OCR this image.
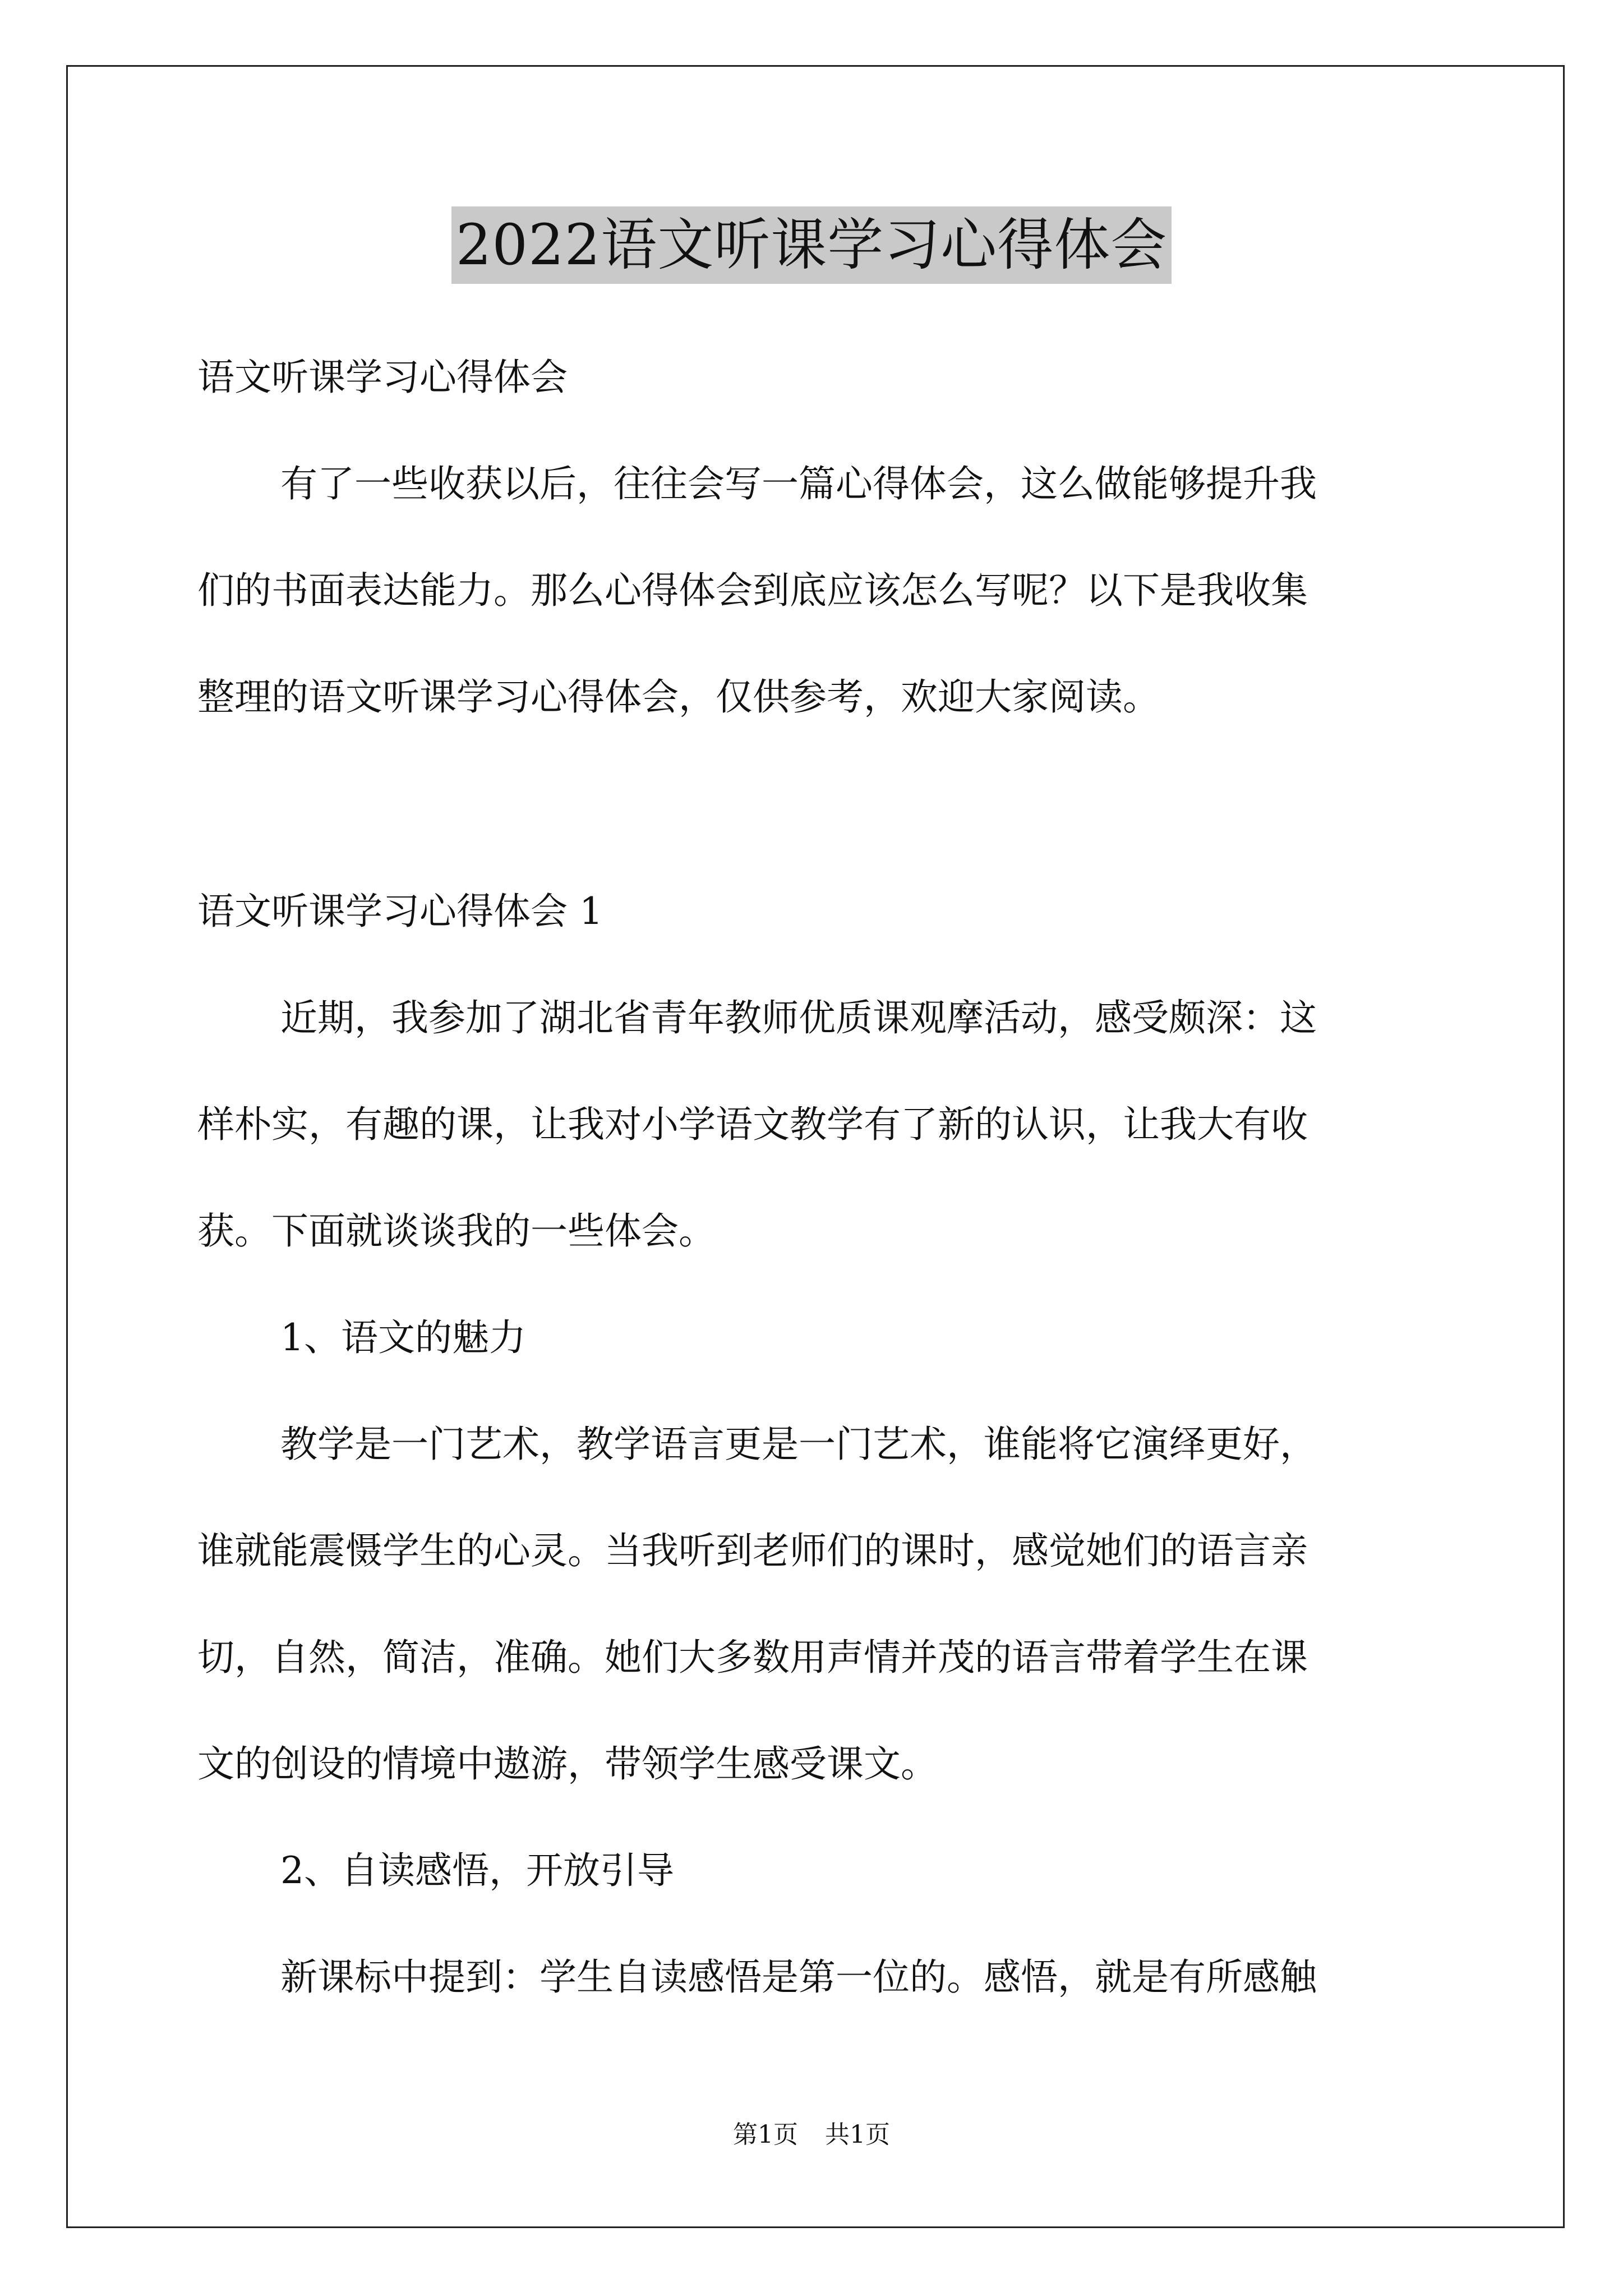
2022语文听课学习心得体会
语文听课学习心得体会
有了一些收获以后，往往会写一篇心得体会，这么做能够提升我
们的书面表达能力。那么心得体会到底应该怎么写呢？以下是我收集
整理的语文听课学习心得体会，仅供参考，欢迎大家阅读。
语文听课学习心得体会 1
近期，我参加了湖北省青年教师优质课观摩活动，感受颇深：这
样朴实，有趣的课，让我对小学语文教学有了新的认识，让我大有收
获。下面就谈谈我的一些体会。
1、语文的魅力
教学是一门艺术，教学语言更是一门艺术，谁能将它演绎更好，
谁就能震慑学生的心灵。当我听到老师们的课时，感觉她们的语言亲
切，自然，简洁，准确。她们大多数用声情并茂的语言带着学生在课
文的创设的情境中遨游，带领学生感受课文。
2、自读感悟，开放引导
新课标中提到：学生自读感悟是第一位的。感悟，就是有所感触
第1页 共1页
